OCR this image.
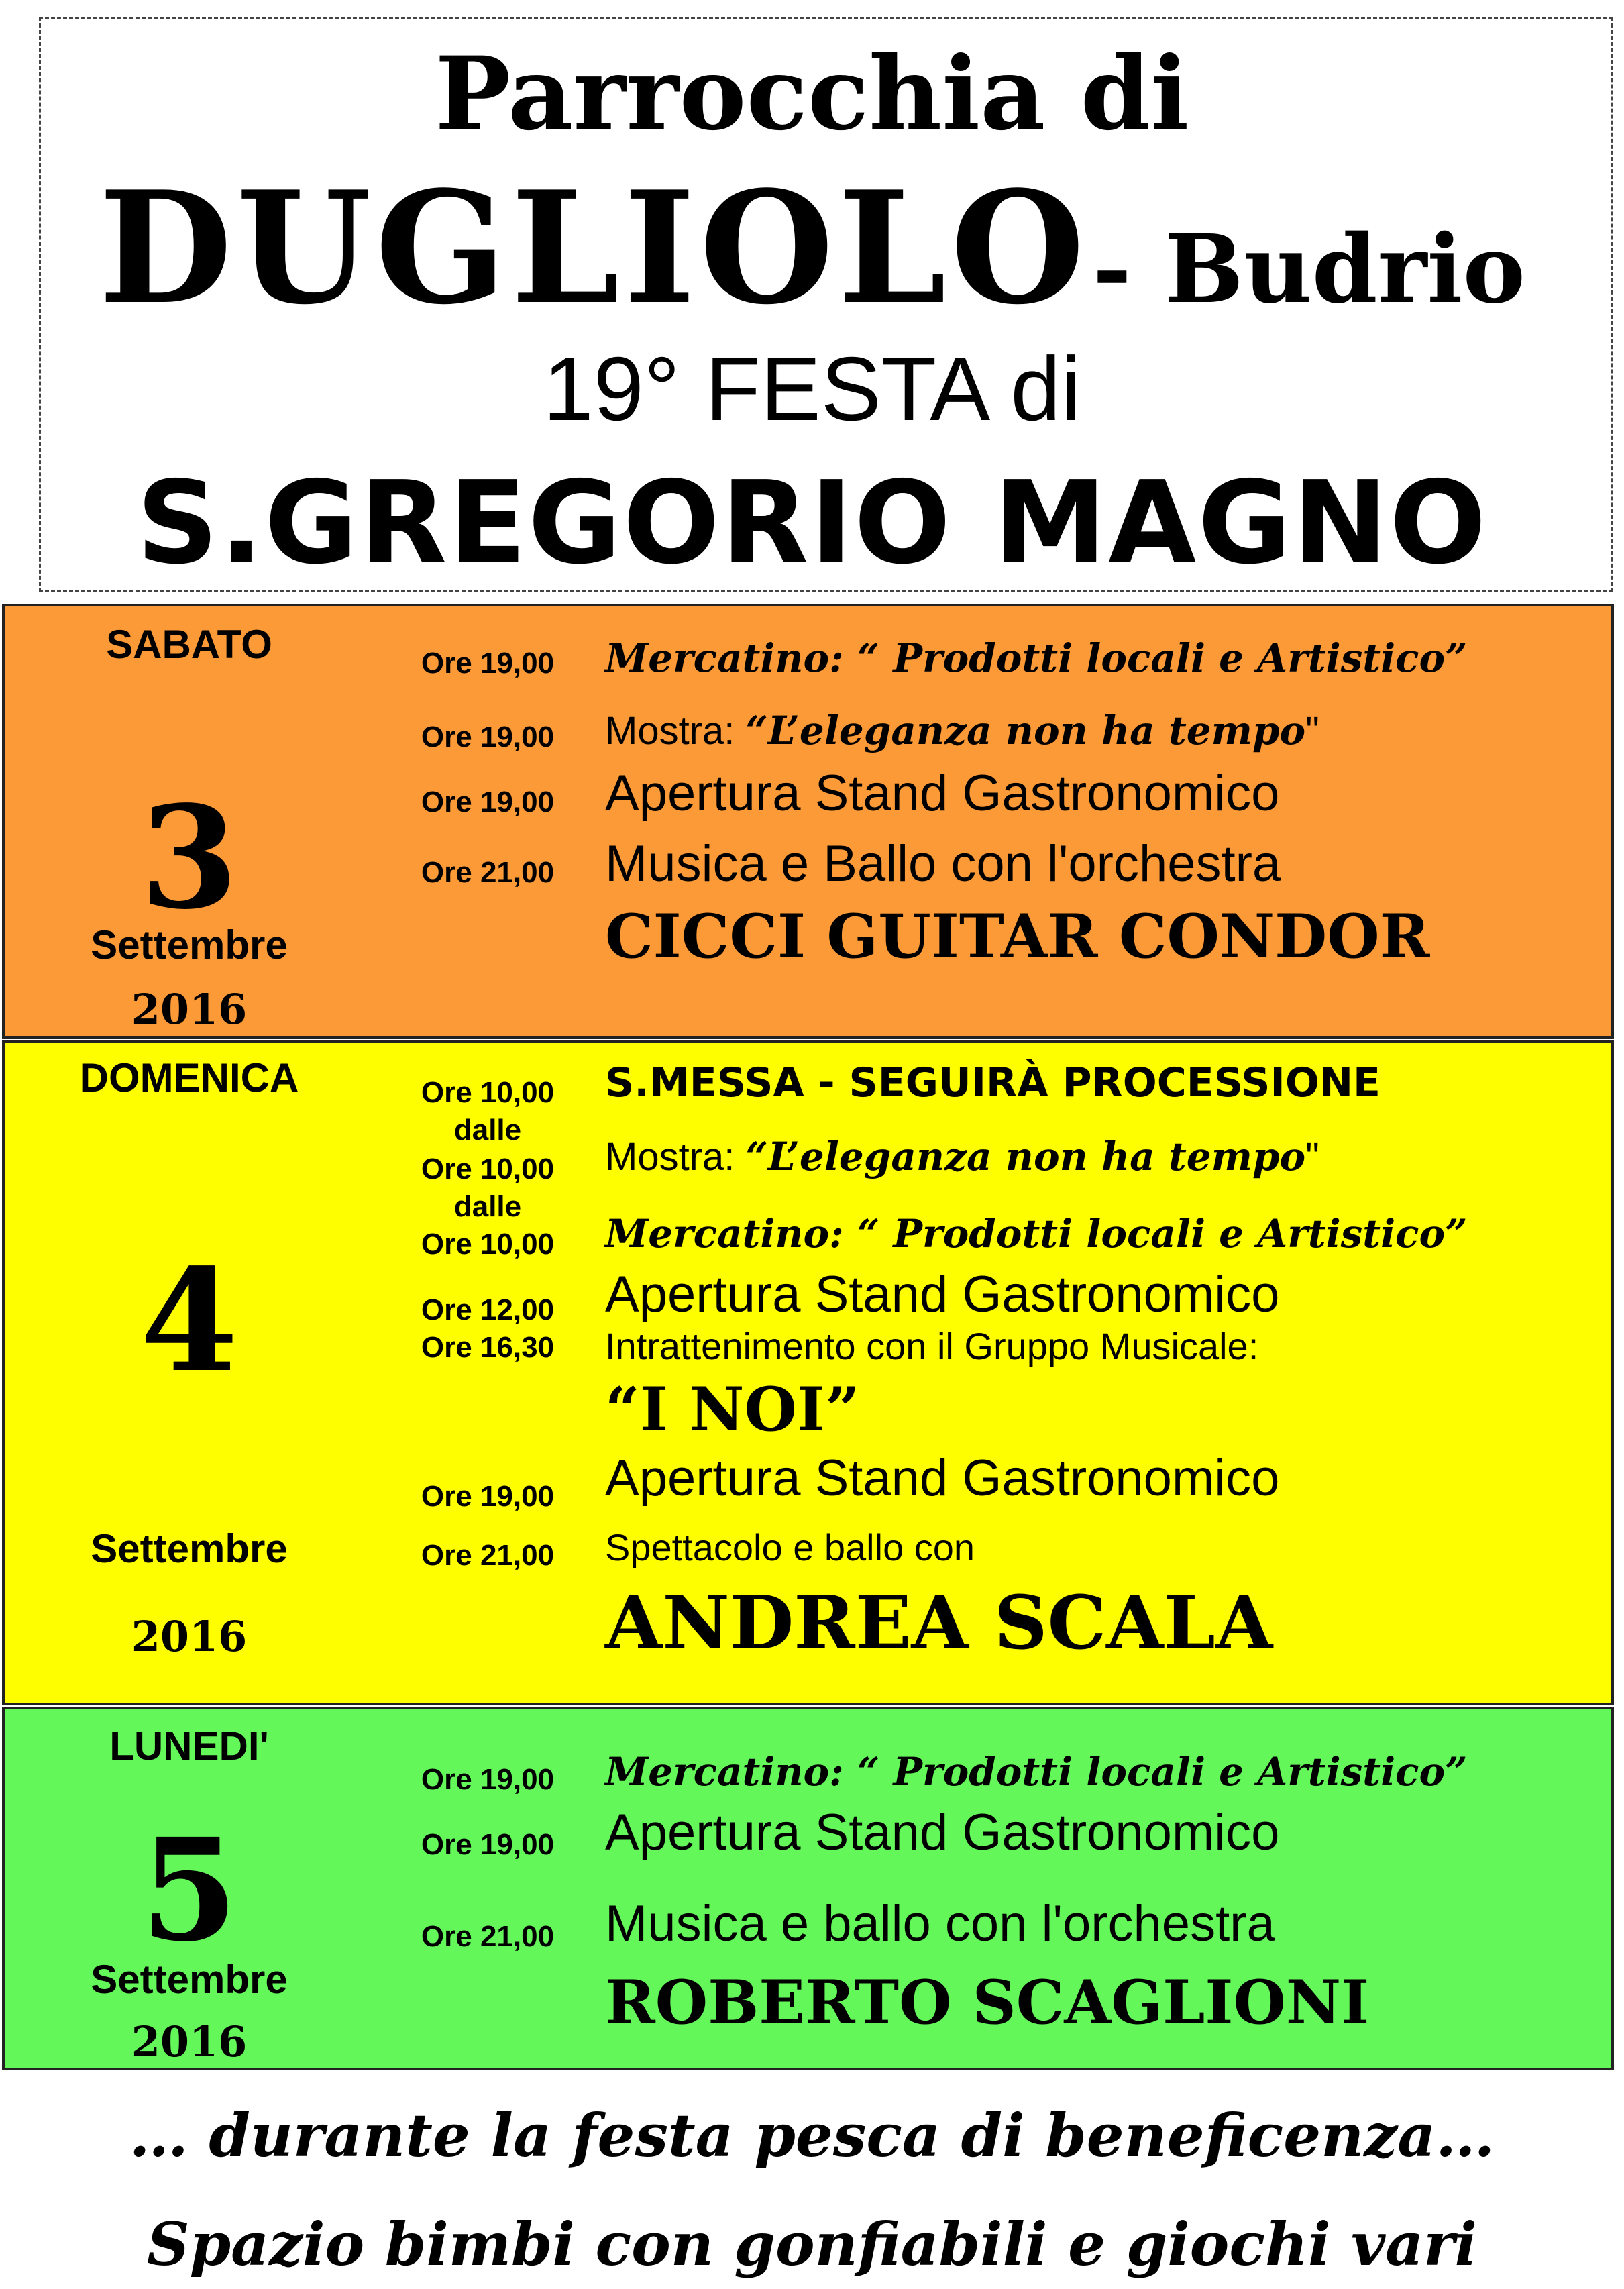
Parrocchia di

DUGLIOLO - Budrio

19° FESTA di

S.GREGORIO MAGNO

SABATO
3
Settembre
2016
Ore 19,00
Ore 19,00
Ore 19,00
Ore 21,00
Mercatino: “ Prodotti locali e Artistico”
Mostra: “L’eleganza non ha tempo"
Apertura Stand Gastronomico
Musica e Ballo con l'orchestra
CICCI GUITAR CONDOR
DOMENICA
4
Settembre
2016
Ore 10,00
dalle
Ore 10,00
dalle
Ore 10,00
Ore 12,00
Ore 16,30
Ore 19,00
Ore 21,00
S.MESSA - SEGUIRÀ PROCESSIONE
Mostra: “L’eleganza non ha tempo"
Mercatino: “ Prodotti locali e Artistico”
Apertura Stand Gastronomico
Intrattenimento con il Gruppo Musicale:
“I NOI”
Apertura Stand Gastronomico
Spettacolo e ballo con
ANDREA SCALA
LUNEDI'
5
Settembre
2016
Ore 19,00
Ore 19,00
Ore 21,00
Mercatino: “ Prodotti locali e Artistico”
Apertura Stand Gastronomico
Musica e ballo con l'orchestra
ROBERTO SCAGLIONI
… durante la festa pesca di beneficenza…
Spazio bimbi con gonfiabili e giochi vari
